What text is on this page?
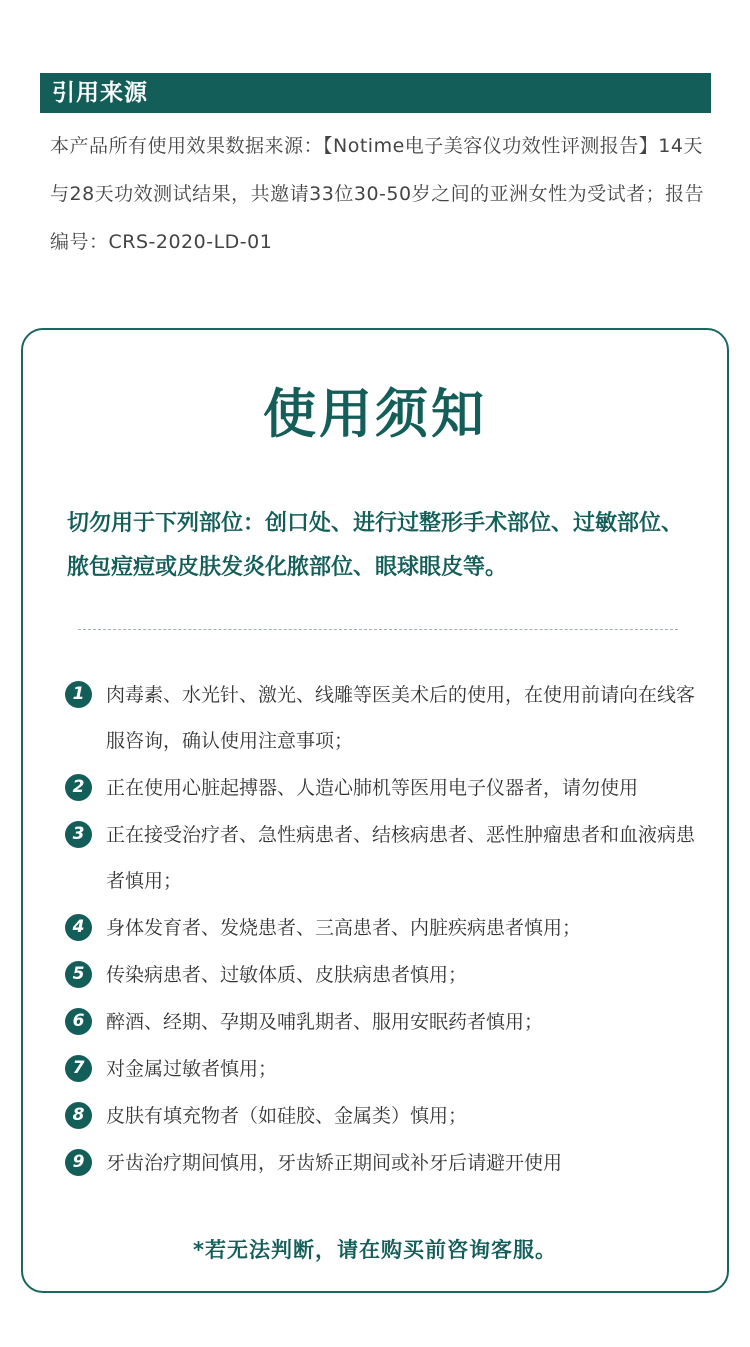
引用来源
本产品所有使用效果数据来源：【Notime电子美容仪功效性评测报告】14天与28天功效测试结果，共邀请33位30-50岁之间的亚洲女性为受试者；报告编号：CRS-2020-LD-01
使用须知
切勿用于下列部位：创口处、进行过整形手术部位、过敏部位、脓包痘痘或皮肤发炎化脓部位、眼球眼皮等。
1	肉毒素、水光针、激光、线雕等医美术后的使用，在使用前请向在线客服咨询，确认使用注意事项；
2	正在使用心脏起搏器、人造心肺机等医用电子仪器者，请勿使用
3	正在接受治疗者、急性病患者、结核病患者、恶性肿瘤患者和血液病患者慎用；
4	身体发育者、发烧患者、三高患者、内脏疾病患者慎用；
5	传染病患者、过敏体质、皮肤病患者慎用；
6	醉酒、经期、孕期及哺乳期者、服用安眠药者慎用；
7	对金属过敏者慎用；
8	皮肤有填充物者（如硅胶、金属类）慎用；
9	牙齿治疗期间慎用，牙齿矫正期间或补牙后请避开使用
*若无法判断，请在购买前咨询客服。
